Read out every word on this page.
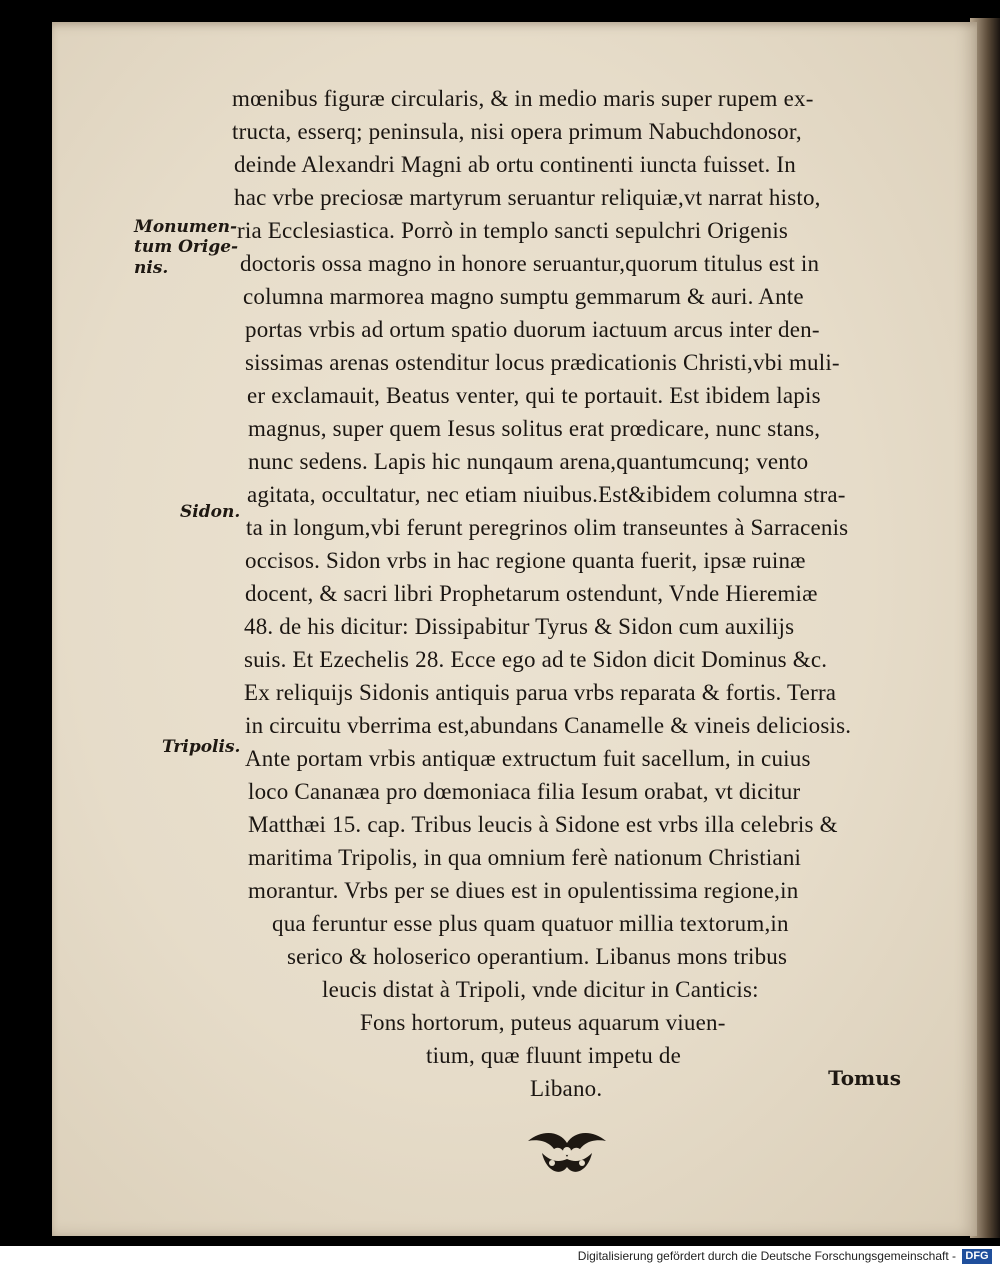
Monumen-
tum Orige-
nis.
Sidon.
Tripolis.
mœnibus figuræ circularis, & in medio maris super rupem ex-
tructa, esserq; peninsula, nisi opera primum Nabuchdonosor,
deinde Alexandri Magni ab ortu continenti iuncta fuisset. In
hac vrbe preciosæ martyrum seruantur reliquiæ,vt narrat histo,
ria Ecclesiastica. Porrò in templo sancti sepulchri Origenis
doctoris ossa magno in honore seruantur,quorum titulus est in
columna marmorea magno sumptu gemmarum & auri. Ante
portas vrbis ad ortum spatio duorum iactuum arcus inter den-
sissimas arenas ostenditur locus prædicationis Christi,vbi muli-
er exclamauit, Beatus venter, qui te portauit. Est ibidem lapis
magnus, super quem Iesus solitus erat prœdicare, nunc stans,
nunc sedens. Lapis hic nunqaum arena,quantumcunq; vento
agitata, occultatur, nec etiam niuibus.Est&ibidem columna stra-
ta in longum,vbi ferunt peregrinos olim transeuntes à Sarracenis
occisos. Sidon vrbs in hac regione quanta fuerit, ipsæ ruinæ
docent, & sacri libri Prophetarum ostendunt, Vnde Hieremiæ
48. de his dicitur: Dissipabitur Tyrus & Sidon cum auxilijs
suis. Et Ezechelis 28. Ecce ego ad te Sidon dicit Dominus &c.
Ex reliquijs Sidonis antiquis parua vrbs reparata & fortis. Terra
in circuitu vberrima est,abundans Canamelle & vineis deliciosis.
Ante portam vrbis antiquæ extructum fuit sacellum, in cuius
loco Cananæa pro dœmoniaca filia Iesum orabat, vt dicitur
Matthæi 15. cap. Tribus leucis à Sidone est vrbs illa celebris &
maritima Tripolis, in qua omnium ferè nationum Christiani
morantur. Vrbs per se diues est in opulentissima regione,in
qua feruntur esse plus quam quatuor millia textorum,in
serico & holoserico operantium. Libanus mons tribus
leucis distat à Tripoli, vnde dicitur in Canticis:
Fons hortorum, puteus aquarum viuen-
tium, quæ fluunt impetu de
Libano.	Tomus
Digitalisierung gefördert durch die Deutsche Forschungsgemeinschaft - DFG
